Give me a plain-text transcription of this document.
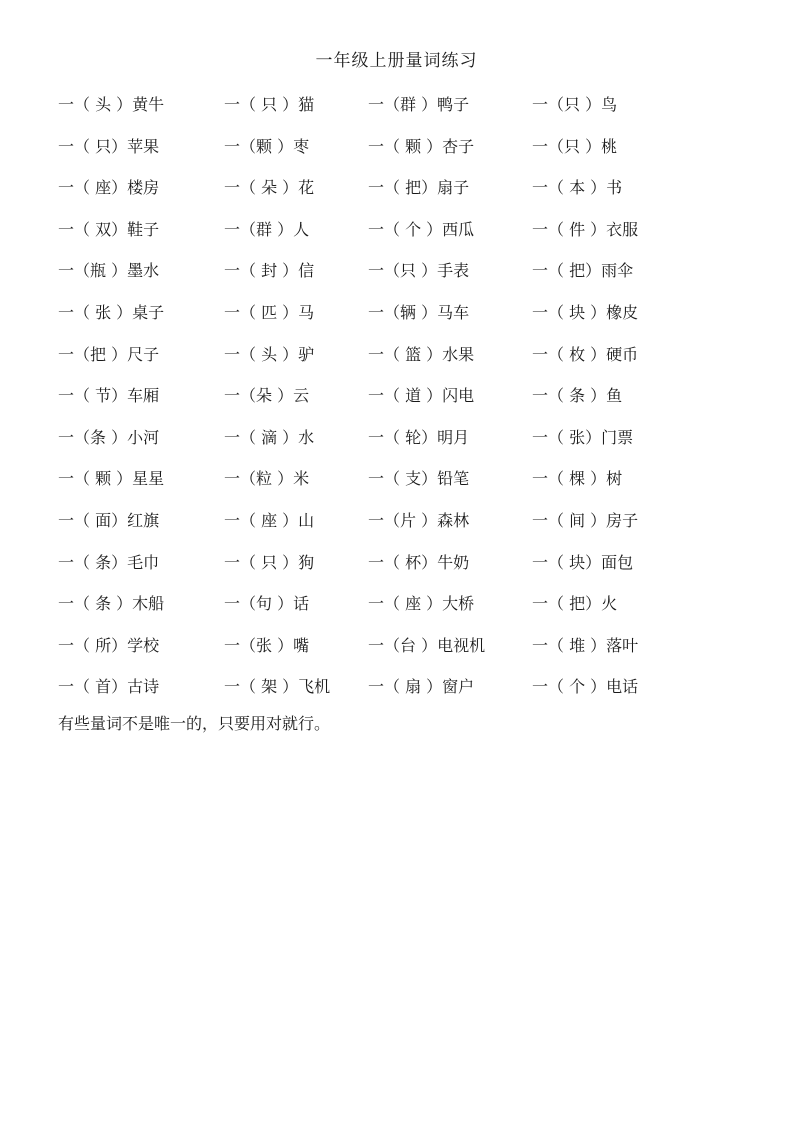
一年级上册量词练习
一（ 头 ）黄牛	一（ 只 ）猫	一（群 ）鸭子	一（只 ）鸟
一（ 只）苹果	一（颗 ）枣	一（ 颗 ）杏子	一（只 ）桃
一（ 座）楼房	一（ 朵 ）花	一（ 把）扇子	一（ 本 ）书
一（ 双）鞋子	一（群 ）人	一（ 个 ）西瓜	一（ 件 ）衣服
一（瓶 ）墨水	一（ 封 ）信	一（只 ）手表	一（ 把）雨伞
一（ 张 ）桌子	一（ 匹 ）马	一（辆 ）马车	一（ 块 ）橡皮
一（把 ）尺子	一（ 头 ）驴	一（ 篮 ）水果	一（ 枚 ）硬币
一（ 节）车厢	一（朵 ）云	一（ 道 ）闪电	一（ 条 ）鱼
一（条 ）小河	一（ 滴 ）水	一（ 轮）明月	一（ 张）门票
一（ 颗 ）星星	一（粒 ）米	一（ 支）铅笔	一（ 棵 ）树
一（ 面）红旗	一（ 座 ）山	一（片 ）森林	一（ 间 ）房子
一（ 条）毛巾	一（ 只 ）狗	一（ 杯）牛奶	一（ 块）面包
一（ 条 ）木船	一（句 ）话	一（ 座 ）大桥	一（ 把）火
一（ 所）学校	一（张 ）嘴	一（台 ）电视机	一（ 堆 ）落叶
一（ 首）古诗	一（ 架 ）飞机 一（ 扇 ）窗户	一（ 个 ）电话
有些量词不是唯一的，只要用对就行。
